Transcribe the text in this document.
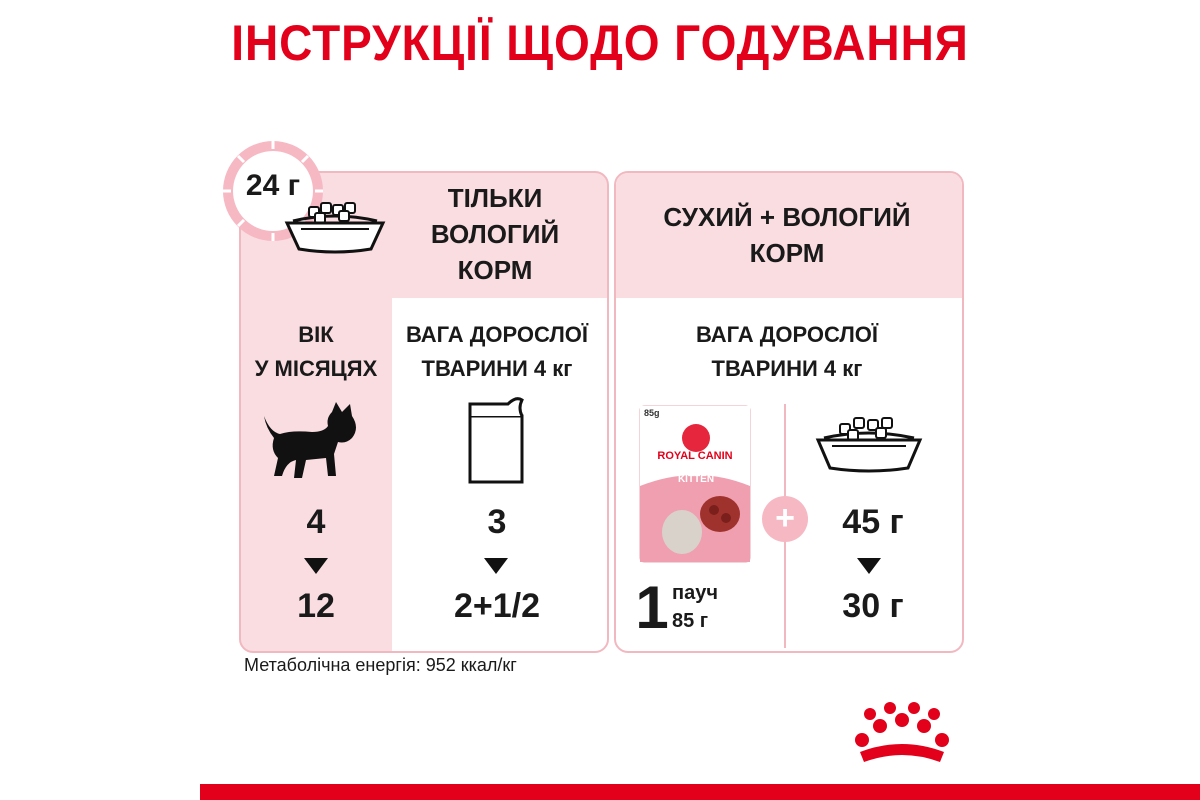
ІНСТРУКЦІЇ ЩОДО ГОДУВАННЯ
24 г	ТІЛЬКИ
ВОЛОГИЙ
КОРМ
ВІК
У МІСЯЦЯХ
ВАГА ДОРОСЛОЇ
ТВАРИНИ 4 кг
4
12
3
2+1/2
СУХИЙ + ВОЛОГИЙ
КОРМ
ВАГА ДОРОСЛОЇ
ТВАРИНИ 4 кг
85g
ROYAL CANIN
KITTEN
+
1 пауч
85 г
45 г
30 г
Метаболічна енергія: 952 ккал/кг
